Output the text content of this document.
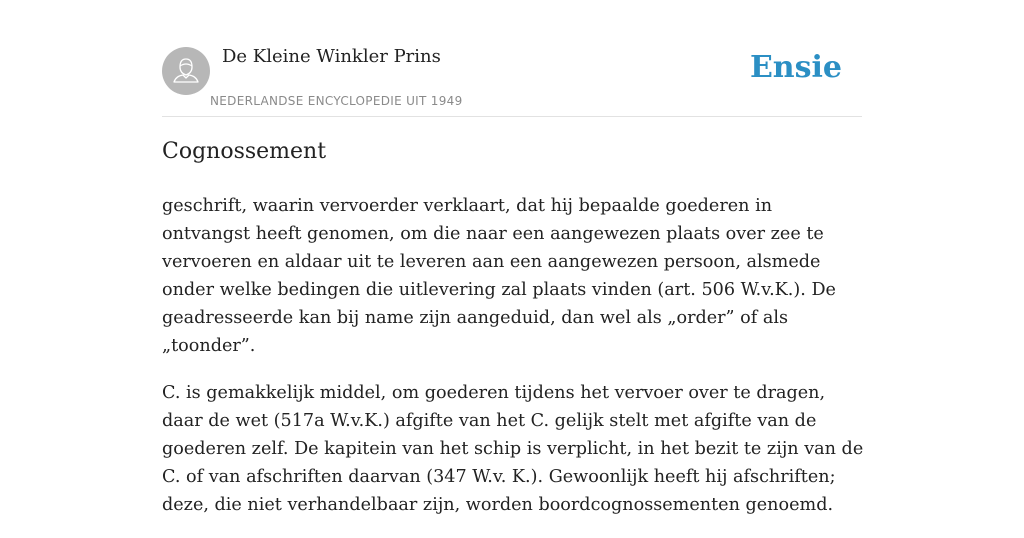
De Kleine Winkler Prins
NEDERLANDSE ENCYCLOPEDIE UIT 1949
Ensie
Cognossement

geschrift, waarin vervoerder verklaart, dat hij bepaalde goederen in ontvangst heeft genomen, om die naar een aangewezen plaats over zee te vervoeren en aldaar uit te leveren aan een aangewezen persoon, alsmede onder welke bedingen die uitlevering zal plaats vinden (art. 506 W.v.K.). De geadresseerde kan bij name zijn aangeduid, dan wel als „order” of als „toonder”.

C. is gemakkelijk middel, om goederen tijdens het vervoer over te dragen, daar de wet (517a W.v.K.) afgifte van het C. gelijk stelt met afgifte van de goederen zelf. De kapitein van het schip is verplicht, in het bezit te zijn van de C. of van afschriften daarvan (347 W.v. K.). Gewoonlijk heeft hij afschriften; deze, die niet verhandelbaar zijn, worden boordcognossementen genoemd.
